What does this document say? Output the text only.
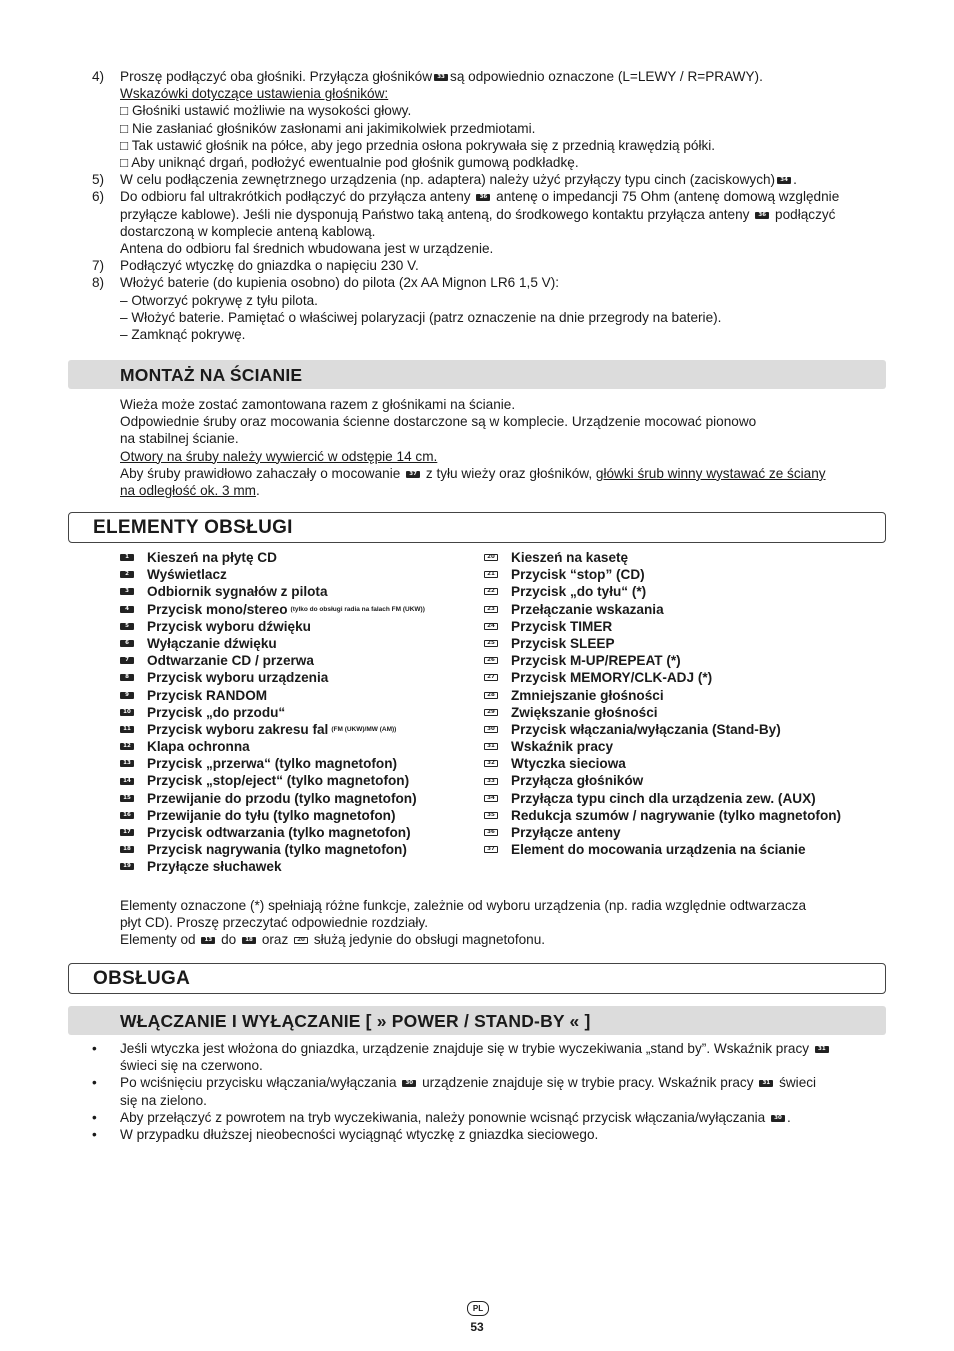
4)	Proszę podłączyć oba głośniki. Przyłącza głośników 33 są odpowiednio oznaczone (L=LEWY / R=PRAWY).
Wskazówki dotyczące ustawienia głośników:
□ Głośniki ustawić możliwie na wysokości głowy.
□ Nie zasłaniać głośników zasłonami ani jakimikolwiek przedmiotami.
□ Tak ustawić głośnik na półce, aby jego przednia osłona pokrywała się z przednią krawędzią półki.
□ Aby uniknąć drgań, podłożyć ewentualnie pod głośnik gumową podkładkę.
5)	W celu podłączenia zewnętrznego urządzenia (np. adaptera) należy użyć przyłączy typu cinch (zaciskowych) 34 .
6)	Do odbioru fal ultrakrótkich podłączyć do przyłącza anteny 36 antenę o impedancji 75 Ohm (antenę domową względnie
przyłącze kablowe). Jeśli nie dysponują Państwo taką anteną, do środkowego kontaktu przyłącza anteny 36 podłączyć
dostarczoną w komplecie anteną kablową.
Antena do odbioru fal średnich wbudowana jest w urządzenie.
7)	Podłączyć wtyczkę do gniazdka o napięciu 230 V.
8)	Włożyć baterie (do kupienia osobno) do pilota (2x AA Mignon LR6 1,5 V):
– Otworzyć pokrywę z tyłu pilota.
– Włożyć baterie. Pamiętać o właściwej polaryzacji (patrz oznaczenie na dnie przegrody na baterie).
– Zamknąć pokrywę.
MONTAŻ NA ŚCIANIE
Wieża może zostać zamontowana razem z głośnikami na ścianie.
Odpowiednie śruby oraz mocowania ścienne dostarczone są w komplecie. Urządzenie mocować pionowo
na stabilnej ścianie.
Otwory na śruby należy wywiercić w odstępie 14 cm.
Aby śruby prawidłowo zahaczały o mocowanie 37 z tyłu wieży oraz głośników, główki śrub winny wystawać ze ściany
na odległość ok. 3 mm.
ELEMENTY OBSŁUGI
1	Kieszeń na płytę CD
2	Wyświetlacz
3	Odbiornik sygnałów z pilota
4	Przycisk mono/stereo (tylko do obsługi radia na falach FM (UKW))
5	Przycisk wyboru dźwięku
6	Wyłączanie dźwięku
7	Odtwarzanie CD / przerwa
8	Przycisk wyboru urządzenia
9	Przycisk RANDOM
10 Przycisk „do przodu“
11 Przycisk wyboru zakresu fal (FM (UKW)/MW (AM))
12 Klapa ochronna
13 Przycisk „przerwa“ (tylko magnetofon)
14 Przycisk „stop/eject“ (tylko magnetofon)
15 Przewijanie do przodu (tylko magnetofon)
16 Przewijanie do tyłu (tylko magnetofon)
17 Przycisk odtwarzania (tylko magnetofon)
18 Przycisk nagrywania (tylko magnetofon)
19 Przyłącze słuchawek
20 Kieszeń na kasetę
21 Przycisk “stop” (CD)
22 Przycisk „do tyłu“ (*)
23 Przełączanie wskazania
24 Przycisk TIMER
25 Przycisk SLEEP
26 Przycisk M-UP/REPEAT (*)
27 Przycisk MEMORY/CLK-ADJ (*)
28 Zmniejszanie głośności
29 Zwiększanie głośności
30 Przycisk włączania/wyłączania (Stand-By)
31 Wskaźnik pracy
32 Wtyczka sieciowa
33 Przyłącza głośników
34 Przyłącza typu cinch dla urządzenia zew. (AUX)
35 Redukcja szumów / nagrywanie (tylko magnetofon)
36 Przyłącze anteny
37 Element do mocowania urządzenia na ścianie
Elementy oznaczone (*) spełniają różne funkcje, zależnie od wyboru urządzenia (np. radia względnie odtwarzacza
płyt CD). Proszę przeczytać odpowiednie rozdziały.
Elementy od 13 do 18 oraz 20 służą jedynie do obsługi magnetofonu.
OBSŁUGA
WŁĄCZANIE I WYŁĄCZANIE [ » POWER / STAND-BY « ]
•	Jeśli wtyczka jest włożona do gniazdka, urządzenie znajduje się w trybie wyczekiwania „stand by”. Wskaźnik pracy 31
świeci się na czerwono.
•	Po wciśnięciu przycisku włączania/wyłączania 30 urządzenie znajduje się w trybie pracy. Wskaźnik pracy 31 świeci
się na zielono.
•	Aby przełączyć z powrotem na tryb wyczekiwania, należy ponownie wcisnąć przycisk włączania/wyłączania 30 .
•	W przypadku dłuższej nieobecności wyciągnąć wtyczkę z gniazdka sieciowego.
PL
53
